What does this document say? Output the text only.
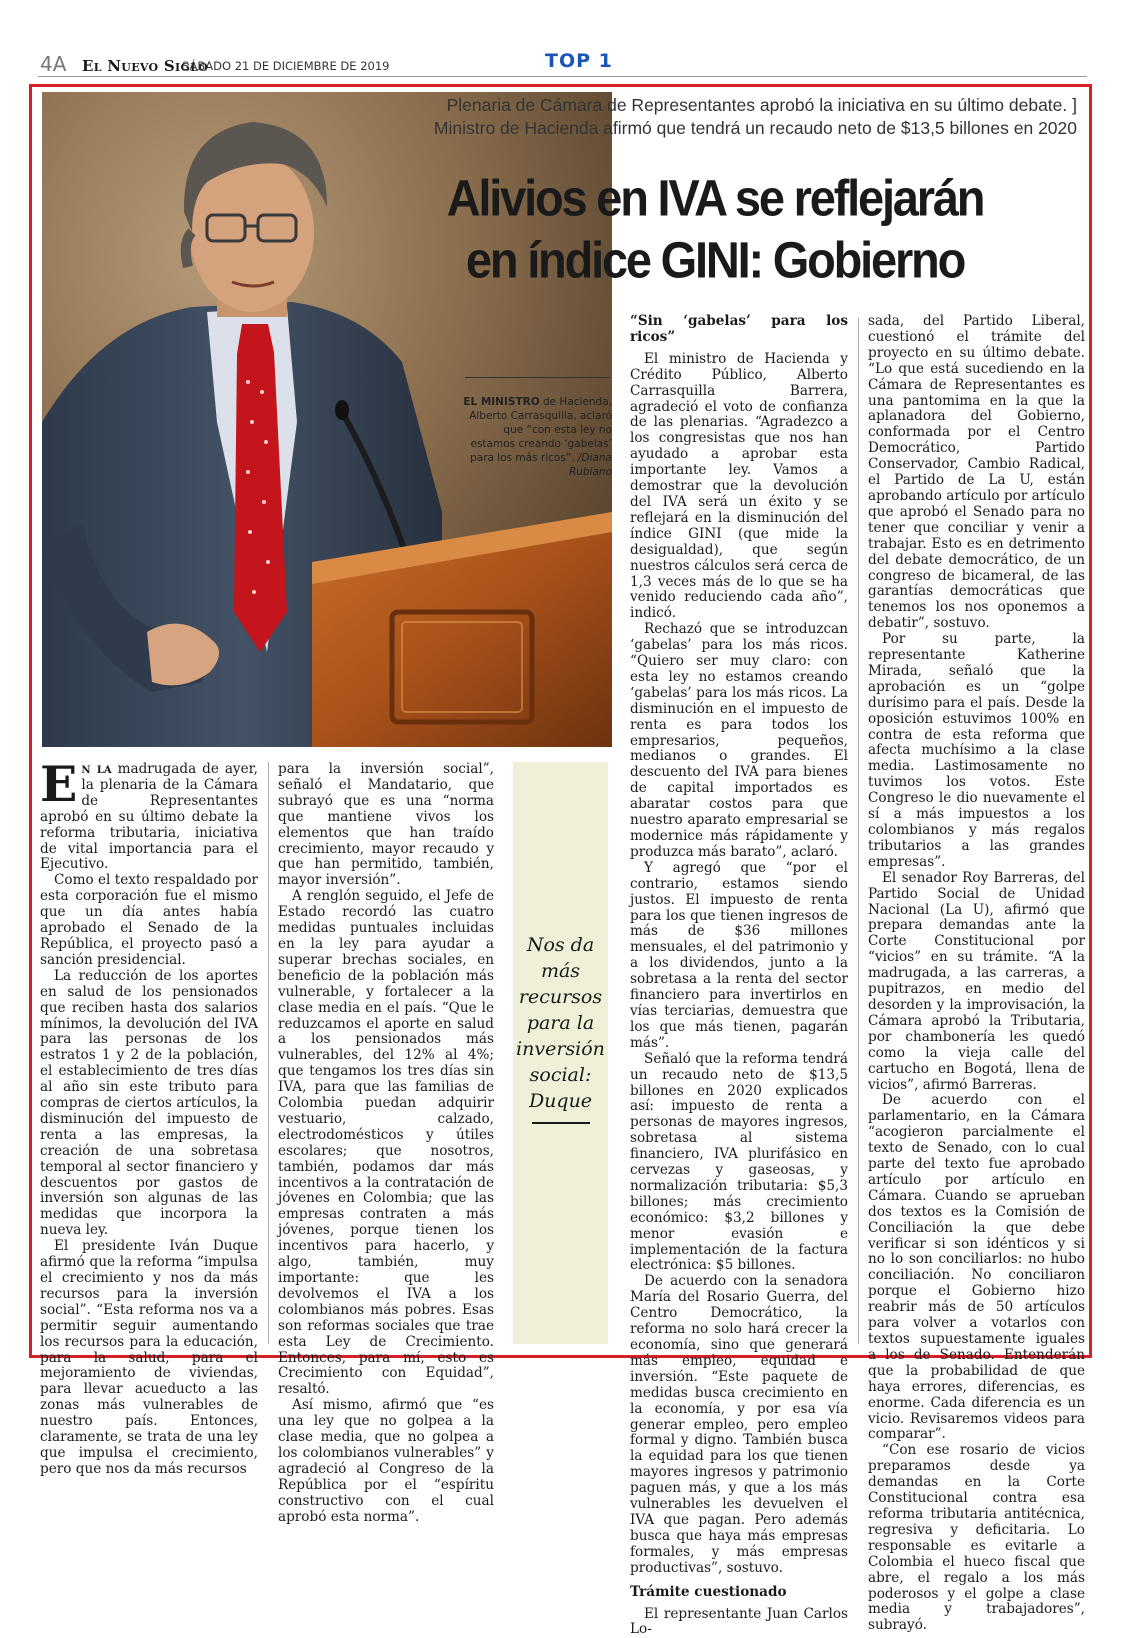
4A El Nuevo Siglo
SÁBADO 21 DE DICIEMBRE DE 2019	TOP 1
Plenaria de Cámara de Representantes aprobó la iniciativa en su último debate. ]
Ministro de Hacienda afirmó que tendrá un recaudo neto de $13,5 billones en 2020
Alivios en IVA se reflejarán
en índice GINI: Gobierno
EL MINISTRO de Hacienda, Alberto Carrasquilla, aclaró que “con esta ley no estamos creando ‘gabelas’ para los más ricos”. /Diana Rubiano

En la madrugada de ayer, la plenaria de la Cámara de Representantes aprobó en su último debate la reforma tributaria, iniciativa de vital importancia para el Ejecutivo.

Como el texto respaldado por esta corporación fue el mismo que un día antes había aprobado el Senado de la República, el proyecto pasó a sanción presidencial.

La reducción de los aportes en salud de los pensionados que reciben hasta dos salarios mínimos, la devolución del IVA para las personas de los estratos 1 y 2 de la población, el establecimiento de tres días al año sin este tributo para compras de ciertos artículos, la disminución del impuesto de renta a las empresas, la creación de una sobretasa temporal al sector financiero y descuentos por gastos de inversión son algunas de las medidas que incorpora la nueva ley.

El presidente Iván Duque afirmó que la reforma “impulsa el crecimiento y nos da más recursos para la inversión social”. “Esta reforma nos va a permitir seguir aumentando los recursos para la educación, para la salud, para el mejoramiento de viviendas, para llevar acueducto a las zonas más vulnerables de nuestro país. Entonces, claramente, se trata de una ley que impulsa el crecimiento, pero que nos da más recursos

para la inversión social”, señaló el Mandatario, que subrayó que es una “norma que mantiene vivos los elementos que han traído crecimiento, mayor recaudo y que han permitido, también, mayor inversión”.

A renglón seguido, el Jefe de Estado recordó las cuatro medidas puntuales incluidas en la ley para ayudar a superar brechas sociales, en beneficio de la población más vulnerable, y fortalecer a la clase media en el país. “Que le reduzcamos el aporte en salud a los pensionados más vulnerables, del 12% al 4%; que tengamos los tres días sin IVA, para que las familias de Colombia puedan adquirir vestuario, calzado, electrodomésticos y útiles escolares; que nosotros, también, podamos dar más incentivos a la contratación de jóvenes en Colombia; que las empresas contraten a más jóvenes, porque tienen los incentivos para hacerlo, y algo, también, muy importante: que les devolvemos el IVA a los colombianos más pobres. Esas son reformas sociales que trae esta Ley de Crecimiento. Entonces, para mí, esto es Crecimiento con Equidad”, resaltó.

Así mismo, afirmó que “es una ley que no golpea a la clase media, que no golpea a los colombianos vulnerables” y agradeció al Congreso de la República por el “espíritu constructivo con el cual aprobó esta norma”.

Nos da más recursos para la inversión social: Duque
“Sin ‘gabelas’ para los ricos”

El ministro de Hacienda y Crédito Público, Alberto Carrasquilla Barrera, agradeció el voto de confianza de las plenarias. “Agradezco a los congresistas que nos han ayudado a aprobar esta importante ley. Vamos a demostrar que la devolución del IVA será un éxito y se reflejará en la disminución del índice GINI (que mide la desigualdad), que según nuestros cálculos será cerca de 1,3 veces más de lo que se ha venido reduciendo cada año”, indicó.

Rechazó que se introduzcan ‘gabelas’ para los más ricos. “Quiero ser muy claro: con esta ley no estamos creando ‘gabelas’ para los más ricos. La disminución en el impuesto de renta es para todos los empresarios, pequeños, medianos o grandes. El descuento del IVA para bienes de capital importados es abaratar costos para que nuestro aparato empresarial se modernice más rápidamente y produzca más barato”, aclaró.

Y agregó que “por el contrario, estamos siendo justos. El impuesto de renta para los que tienen ingresos de más de $36 millones mensuales, el del patrimonio y a los dividendos, junto a la sobretasa a la renta del sector financiero para invertirlos en vías terciarias, demuestra que los que más tienen, pagarán más”.

Señaló que la reforma tendrá un recaudo neto de $13,5 billones en 2020 explicados así: impuesto de renta a personas de mayores ingresos, sobretasa al sistema financiero, IVA plurifásico en cervezas y gaseosas, y normalización tributaria: $5,3 billones; más crecimiento económico: $3,2 billones y menor evasión e implementación de la factura electrónica: $5 billones.

De acuerdo con la senadora María del Rosario Guerra, del Centro Democrático, la reforma no solo hará crecer la economía, sino que generará más empleo, equidad e inversión. “Este paquete de medidas busca crecimiento en la economía, y por esa vía generar empleo, pero empleo formal y digno. También busca la equidad para los que tienen mayores ingresos y patrimonio paguen más, y que a los más vulnerables les devuelven el IVA que pagan. Pero además busca que haya más empresas formales, y más empresas productivas”, sostuvo.

Trámite cuestionado

El representante Juan Carlos Lo-

sada, del Partido Liberal, cuestionó el trámite del proyecto en su último debate. “Lo que está sucediendo en la Cámara de Representantes es una pantomima en la que la aplanadora del Gobierno, conformada por el Centro Democrático, Partido Conservador, Cambio Radical, el Partido de La U, están aprobando artículo por artículo que aprobó el Senado para no tener que conciliar y venir a trabajar. Esto es en detrimento del debate democrático, de un congreso de bicameral, de las garantías democráticas que tenemos los nos oponemos a debatir”, sostuvo.

Por su parte, la representante Katherine Mirada, señaló que la aprobación es un “golpe durísimo para el país. Desde la oposición estuvimos 100% en contra de esta reforma que afecta muchísimo a la clase media. Lastimosamente no tuvimos los votos. Este Congreso le dio nuevamente el sí a más impuestos a los colombianos y más regalos tributarios a las grandes empresas”.

El senador Roy Barreras, del Partido Social de Unidad Nacional (La U), afirmó que prepara demandas ante la Corte Constitucional por “vicios” en su trámite. “A la madrugada, a las carreras, a pupitrazos, en medio del desorden y la improvisación, la Cámara aprobó la Tributaria, por chambonería les quedó como la vieja calle del cartucho en Bogotá, llena de vicios”, afirmó Barreras.

De acuerdo con el parlamentario, en la Cámara “acogieron parcialmente el texto de Senado, con lo cual parte del texto fue aprobado artículo por artículo en Cámara. Cuando se aprueban dos textos es la Comisión de Conciliación la que debe verificar si son idénticos y si no lo son conciliarlos: no hubo conciliación. No conciliaron porque el Gobierno hizo reabrir más de 50 artículos para volver a votarlos con textos supuestamente iguales a los de Senado. Entenderán que la probabilidad de que haya errores, diferencias, es enorme. Cada diferencia es un vicio. Revisaremos videos para comparar”.

“Con ese rosario de vicios preparamos desde ya demandas en la Corte Constitucional contra esa reforma tributaria antitécnica, regresiva y deficitaria. Lo responsable es evitarle a Colombia el hueco fiscal que abre, el regalo a los más poderosos y el golpe a clase media y trabajadores”, subrayó.
